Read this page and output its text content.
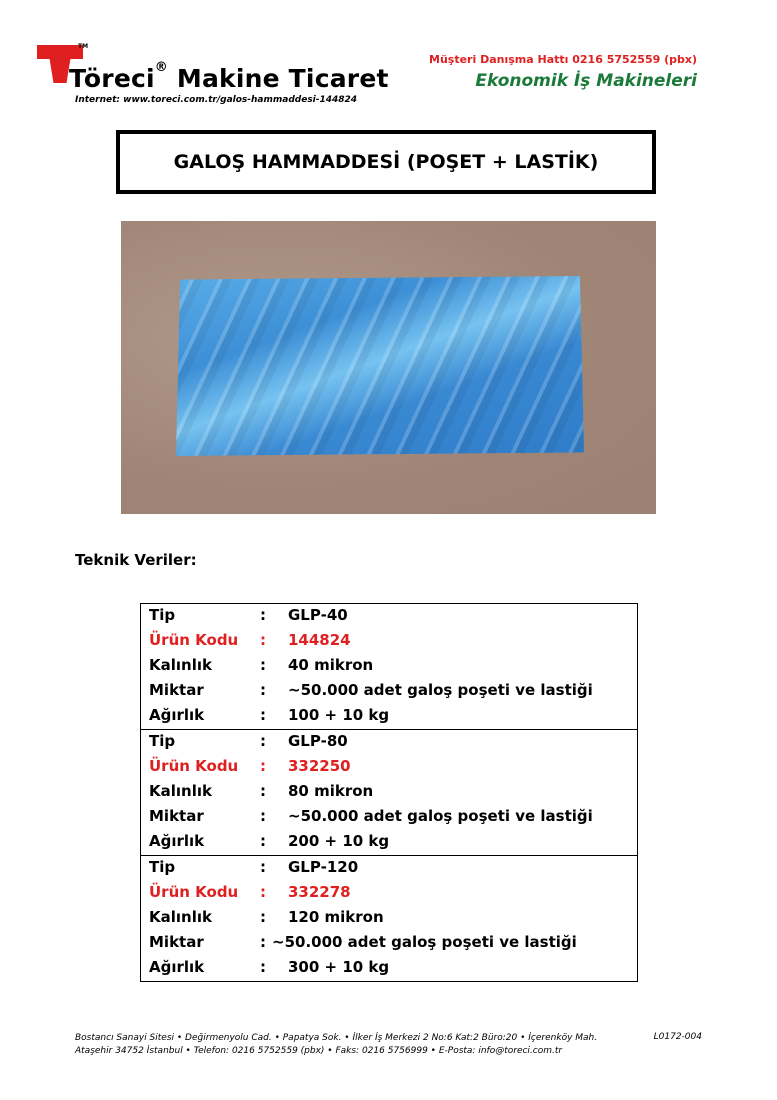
TM
Töreci® Makine Ticaret
Internet: www.toreci.com.tr/galos-hammaddesi-144824
Müşteri Danışma Hattı 0216 5752559 (pbx)
Ekonomik İş Makineleri
GALOŞ HAMMADDESİ (POŞET + LASTİK)
Teknik Veriler:
Tip	: GLP-40
Ürün Kodu : 144824
Kalınlık	: 40 mikron
Miktar	: ~50.000 adet galoş poşeti ve lastiği
Ağırlık	: 100 + 10 kg
Tip	: GLP-80
Ürün Kodu : 332250
Kalınlık	: 80 mikron
Miktar	: ~50.000 adet galoş poşeti ve lastiği
Ağırlık	: 200 + 10 kg
Tip	: GLP-120
Ürün Kodu : 332278
Kalınlık	: 120 mikron
Miktar	: ~50.000 adet galoş poşeti ve lastiği
Ağırlık	: 300 + 10 kg
Bostancı Sanayi Sitesi • Değirmenyolu Cad. • Papatya Sok. • İlker İş Merkezi 2 No:6 Kat:2 Büro:20 • İçerenköy Mah.
Ataşehir 34752 İstanbul • Telefon: 0216 5752559 (pbx) • Faks: 0216 5756999 • E-Posta: info@toreci.com.tr
L0172-004
